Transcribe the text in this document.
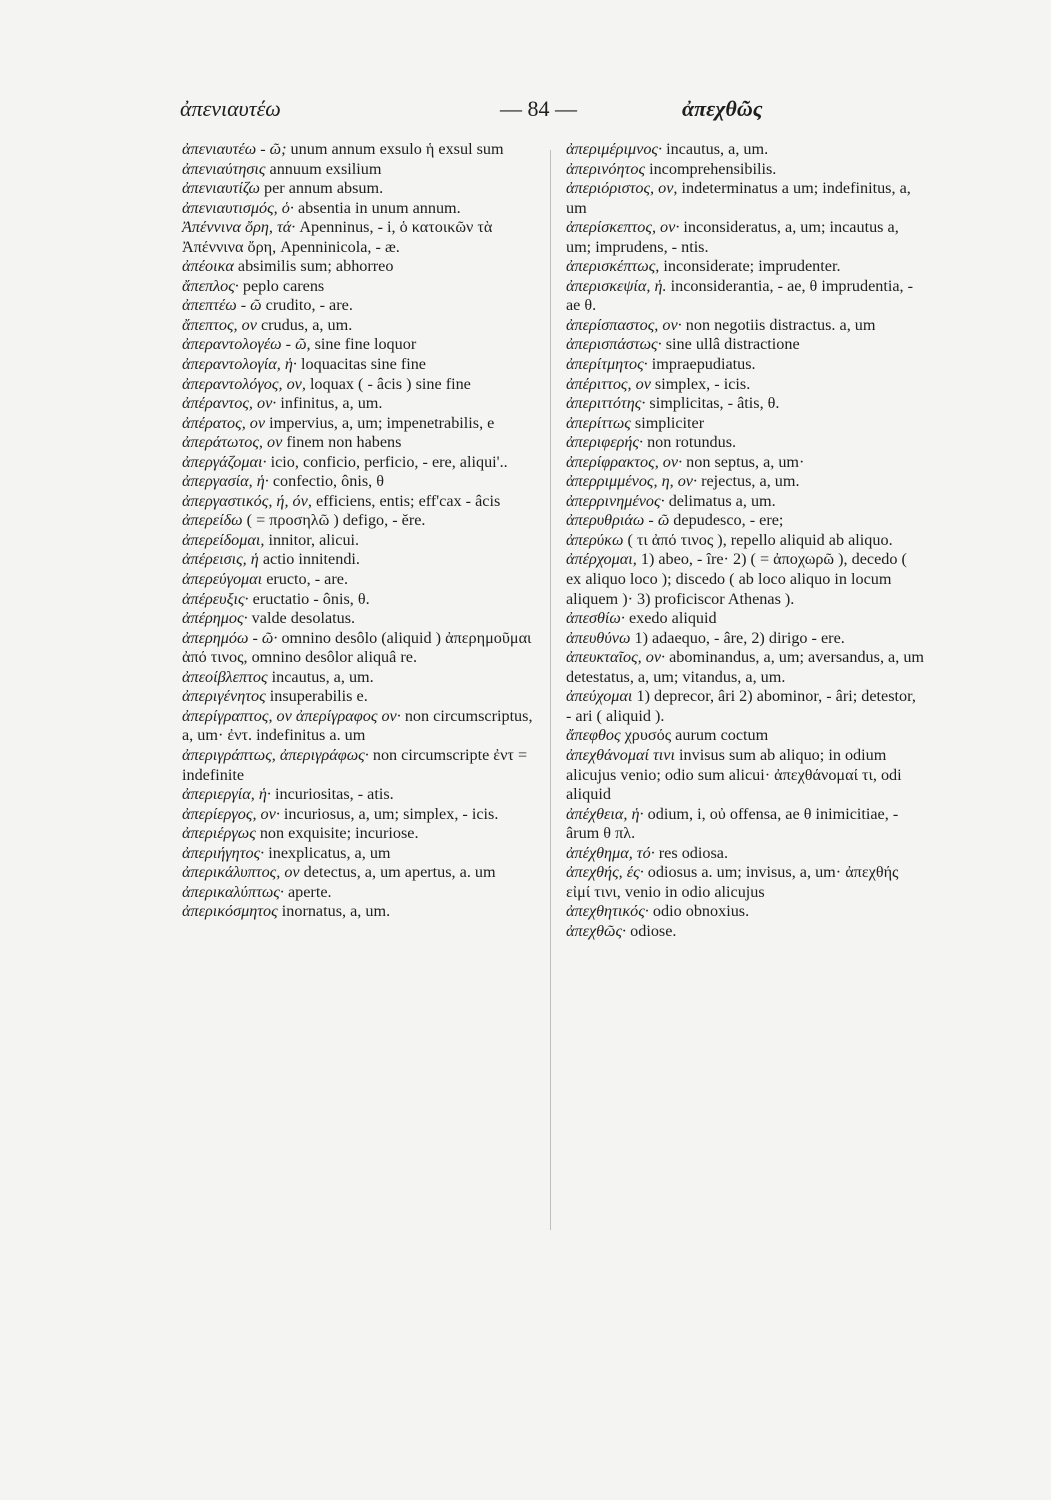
ἀπενιαυτέω	— 84 —	ἀπεχθῶς

ἀπενιαυτέω - ῶ; unum annum exsulo ἡ exsul sum

ἀπενιαύτησις annuum exsilium

ἀπενιαυτίζω per annum absum.

ἀπενιαυτισμός, ὁ· absentia in unum annum.

Ἀπέννινα ὄρη, τά· Apenninus, - i, ὁ κατοικῶν τὰ Ἀπέννινα ὄρη, Apenninicola, - æ.

ἀπέοικα absimilis sum; abhorreo

ἄπεπλος· peplo carens

ἀπεπτέω - ῶ crudito, - are.

ἄπεπτος, ον crudus, a, um.

ἀπεραντολογέω - ῶ, sine fine loquor

ἀπεραντολογία, ἡ· loquacitas sine fine

ἀπεραντολόγος, ον, loquax ( - âcis ) sine fine

ἀπέραντος, ον· infinitus, a, um.

ἀπέρατος, ον impervius, a, um; impenetrabilis, e

ἀπεράτωτος, ον finem non habens

ἀπεργάζομαι· icio, conficio, perficio, - ere, aliqui'..

ἀπεργασία, ἡ· confectio, ônis, θ

ἀπεργαστικός, ή, όν, efficiens, entis; eff'cax - âcis

ἀπερείδω ( = προσηλῶ ) defigo, - ĕre.

ἀπερείδομαι, innitor, alicui.

ἀπέρεισις, ἡ actio innitendi.

ἀπερεύγομαι eructo, - are.

ἀπέρευξις· eructatio - ônis, θ.

ἀπέρημος· valde desolatus.

ἀπερημόω - ῶ· omnino desôlo (aliquid ) ἀπερημοῦμαι ἀπό τινος, omnino desôlor aliquâ re.

ἀπεοίβλεπτος incautus, a, um.

ἀπεριγένητος insuperabilis e.

ἀπερίγραπτος, ον ἀπερίγραφος ον· non circumscriptus, a, um· ἐντ. indefinitus a. um

ἀπεριγράπτως, ἀπεριγράφως· non circumscripte ἐντ = indefinite

ἀπεριεργία, ἡ· incuriositas, - atis.

ἀπερίεργος, ον· incuriosus, a, um; simplex, - icis.

ἀπεριέργως non exquisite; incuriose.

ἀπεριήγητος· inexplicatus, a, um

ἀπερικάλυπτος, ον detectus, a, um apertus, a. um

ἀπερικαλύπτως· aperte.

ἀπερικόσμητος inornatus, a, um.

ἀπεριμέριμνος· incautus, a, um.

ἀπερινόητος incomprehensibilis.

ἀπεριόριστος, ον, indeterminatus a um; indefinitus, a, um

ἀπερίσκεπτος, ον· inconsideratus, a, um; incautus a, um; imprudens, - ntis.

ἀπερισκέπτως, inconsiderate; imprudenter.

ἀπερισκεψία, ἡ. inconsiderantia, - ae, θ imprudentia, - ae θ.

ἀπερίσπαστος, ον· non negotiis distractus. a, um

ἀπερισπάστως· sine ullâ distractione

ἀπερίτμητος· impraepudiatus.

ἀπέριττος, ον simplex, - icis.

ἀπεριττότης· simplicitas, - âtis, θ.

ἀπερίττως simpliciter

ἀπεριφερής· non rotundus.

ἀπερίφρακτος, ον· non septus, a, um·

ἀπερριμμένος, η, ον· rejectus, a, um.

ἀπερρινημένος· delimatus a, um.

ἀπερυθριάω - ῶ depudesco, - ere;

ἀπερύκω ( τι ἀπό τινος ), repello aliquid ab aliquo.

ἀπέρχομαι, 1) abeo, - îre· 2) ( = ἀποχωρῶ ), decedo ( ex aliquo loco ); discedo ( ab loco aliquo in locum aliquem )· 3) proficiscor Athenas ).

ἀπεσθίω· exedo aliquid

ἀπευθύνω 1) adaequo, - âre, 2) dirigo - ere.

ἀπευκταῖος, ον· abominandus, a, um; aversandus, a, um detestatus, a, um; vitandus, a, um.

ἀπεύχομαι 1) deprecor, âri 2) abominor, - âri; detestor, - ari ( aliquid ).

ἄπεφθος χρυσός aurum coctum

ἀπεχθάνομαί τινι invisus sum ab aliquo; in odium alicujus venio; odio sum alicui· ἀπεχθάνομαί τι, odi aliquid

ἀπέχθεια, ἡ· odium, i, οὐ offensa, ae θ inimicitiae, - ârum θ πλ.

ἀπέχθημα, τό· res odiosa.

ἀπεχθής, ές· odiosus a. um; invisus, a, um· ἀπεχθής εἰμί τινι, venio in odio alicujus

ἀπεχθητικός· odio obnoxius.

ἀπεχθῶς· odiose.
